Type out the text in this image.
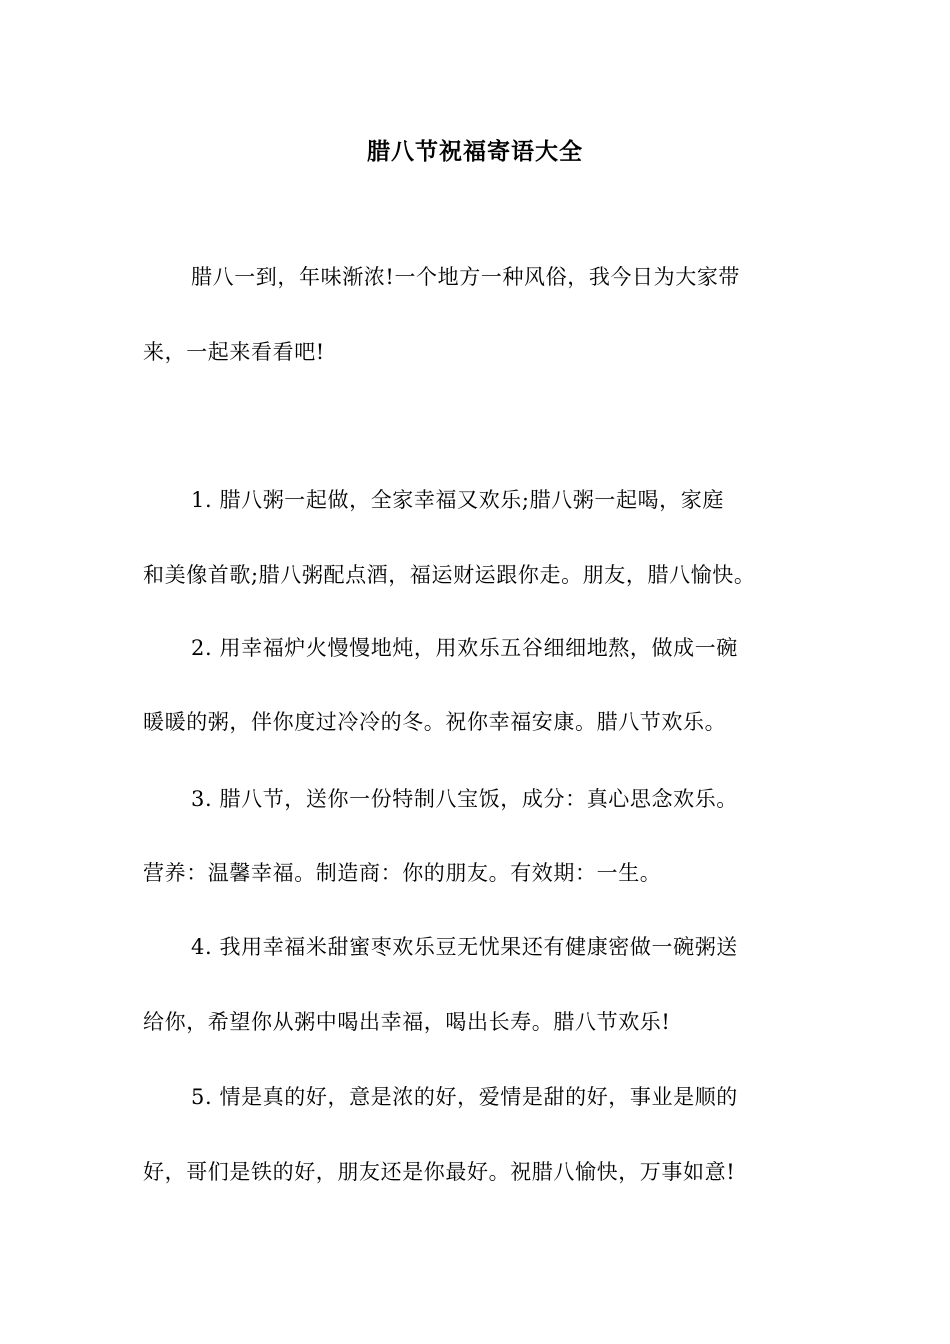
腊八节祝福寄语大全
腊八一到，年味渐浓!一个地方一种风俗，我今日为大家带
来，一起来看看吧!
1. 腊八粥一起做，全家幸福又欢乐;腊八粥一起喝，家庭
和美像首歌;腊八粥配点酒，福运财运跟你走。朋友，腊八愉快。
2. 用幸福炉火慢慢地炖，用欢乐五谷细细地熬，做成一碗
暖暖的粥，伴你度过冷冷的冬。祝你幸福安康。腊八节欢乐。
3. 腊八节，送你一份特制八宝饭，成分：真心思念欢乐。
营养：温馨幸福。制造商：你的朋友。有效期：一生。
4. 我用幸福米甜蜜枣欢乐豆无忧果还有健康密做一碗粥送
给你，希望你从粥中喝出幸福，喝出长寿。腊八节欢乐!
5. 情是真的好，意是浓的好，爱情是甜的好，事业是顺的
好，哥们是铁的好，朋友还是你最好。祝腊八愉快，万事如意!
